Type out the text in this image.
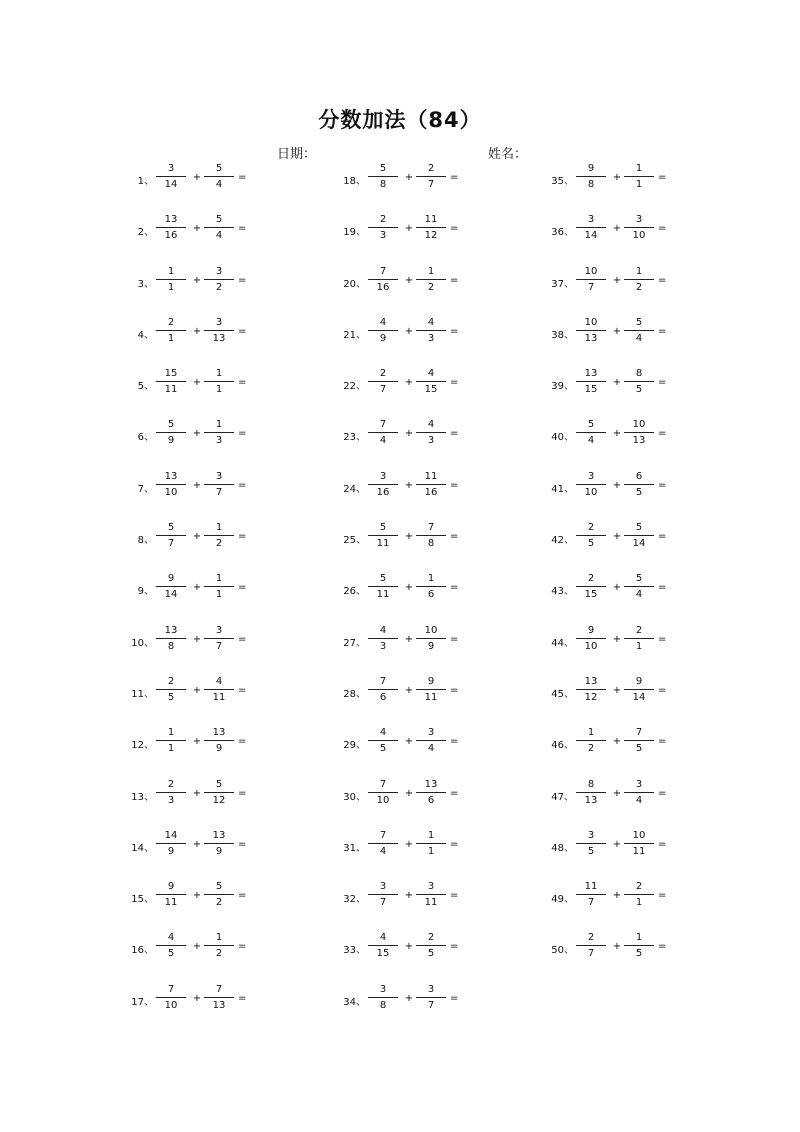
分数加法（84）
日期：	姓名：
1、
3
14
5
4
+	=
2、
13
16
5
4
+	=
3、
1
1
3
2
+	=
4、
2
1
3
13
+	=
5、
15
11
1
1
+	=
6、
5
9
1
3
+	=
7、
13
10
3
7
+	=
8、
5
7
1
2
+	=
9、
9
14
1
1
+	=
10、
13
8
3
7
+	=
11、
2
5
4
11
+	=
12、
1
1
13
9
+	=
13、
2
3
5
12
+	=
14、
14
9
13
9
+	=
15、
9
11
5
2
+	=
16、
4
5
1
2
+	=
17、
7
10
7
13
+	=
18、
5
8
2
7
+	=
19、
2
3
11
12
+	=
20、
7
16
1
2
+	=
21、
4
9
4
3
+	=
22、
2
7
4
15
+	=
23、
7
4
4
3
+	=
24、
3
16
11
16
+	=
25、
5
11
7
8
+	=
26、
5
11
1
6
+	=
27、
4
3
10
9
+	=
28、
7
6
9
11
+	=
29、
4
5
3
4
+	=
30、
7
10
13
6
+	=
31、
7
4
1
1
+	=
32、
3
7
3
11
+	=
33、
4
15
2
5
+	=
34、
3
8
3
7
+	=
35、
9
8
1
1
+	=
36、
3
14
3
10
+	=
37、
10
7
1
2
+	=
38、
10
13
5
4
+	=
39、
13
15
8
5
+	=
40、
5
4
10
13
+	=
41、
3
10
6
5
+	=
42、
2
5
5
14
+	=
43、
2
15
5
4
+	=
44、
9
10
2
1
+	=
45、
13
12
9
14
+	=
46、
1
2
7
5
+	=
47、
8
13
3
4
+	=
48、
3
5
10
11
+	=
49、
11
7
2
1
+	=
50、
2
7
1
5
+	=
